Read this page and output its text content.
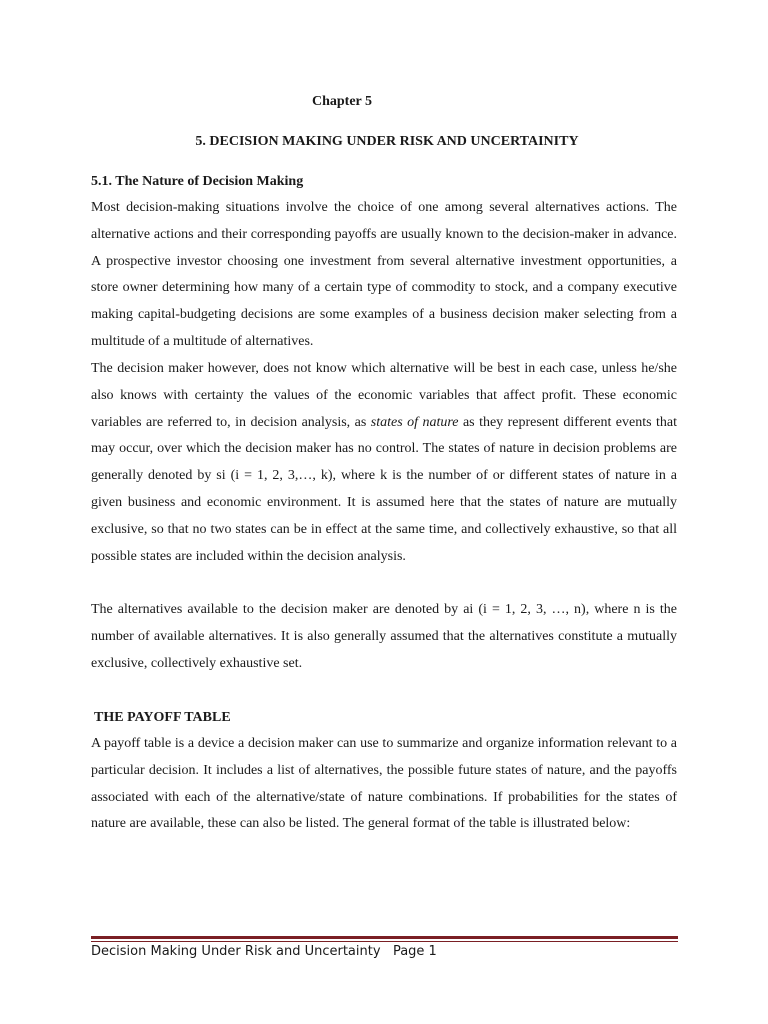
Chapter 5
5. DECISION MAKING UNDER RISK AND UNCERTAINITY
5.1. The Nature of Decision Making

Most decision-making situations involve the choice of one among several alternatives actions. The alternative actions and their corresponding payoffs are usually known to the decision-maker in advance. A prospective investor choosing one investment from several alternative investment opportunities, a store owner determining how many of a certain type of commodity to stock, and a company executive making capital-budgeting decisions are some examples of a business decision maker selecting from a multitude of a multitude of alternatives.

The decision maker however, does not know which alternative will be best in each case, unless he/she also knows with certainty the values of the economic variables that affect profit. These economic variables are referred to, in decision analysis, as states of nature as they represent different events that may occur, over which the decision maker has no control. The states of nature in decision problems are generally denoted by si (i = 1, 2, 3,…, k), where k is the number of or different states of nature in a given business and economic environment. It is assumed here that the states of nature are mutually exclusive, so that no two states can be in effect at the same time, and collectively exhaustive, so that all possible states are included within the decision analysis.

The alternatives available to the decision maker are denoted by ai (i = 1, 2, 3, …, n), where n is the number of available alternatives. It is also generally assumed that the alternatives constitute a mutually exclusive, collectively exhaustive set.

THE PAYOFF TABLE

A payoff table is a device a decision maker can use to summarize and organize information relevant to a particular decision. It includes a list of alternatives, the possible future states of nature, and the payoffs associated with each of the alternative/state of nature combinations. If probabilities for the states of nature are available, these can also be listed. The general format of the table is illustrated below:

Decision Making Under Risk and Uncertainty Page 1
